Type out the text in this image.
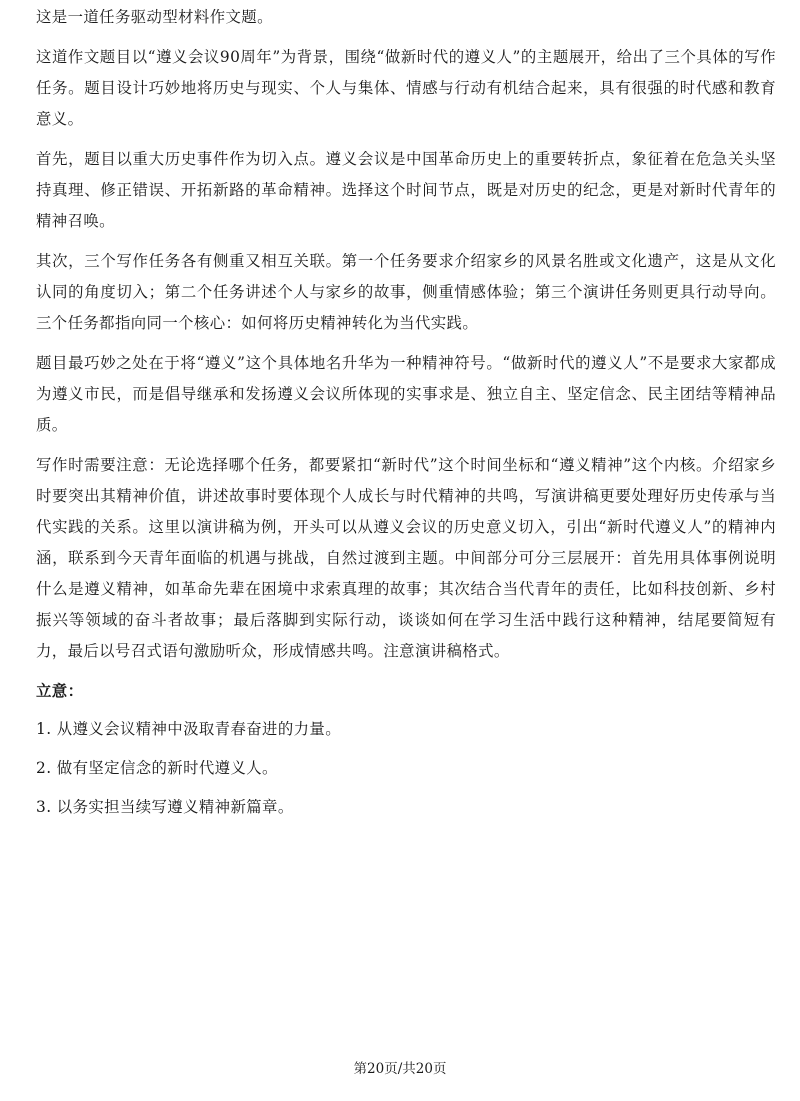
这是一道任务驱动型材料作文题。

这道作文题目以“遵义会议90周年”为背景，围绕“做新时代的遵义人”的主题展开，给出了三个具体的写作任务。题目设计巧妙地将历史与现实、个人与集体、情感与行动有机结合起来，具有很强的时代感和教育意义。

首先，题目以重大历史事件作为切入点。遵义会议是中国革命历史上的重要转折点，象征着在危急关头坚持真理、修正错误、开拓新路的革命精神。选择这个时间节点，既是对历史的纪念，更是对新时代青年的精神召唤。

其次，三个写作任务各有侧重又相互关联。第一个任务要求介绍家乡的风景名胜或文化遗产，这是从文化认同的角度切入；第二个任务讲述个人与家乡的故事，侧重情感体验；第三个演讲任务则更具行动导向。三个任务都指向同一个核心：如何将历史精神转化为当代实践。

题目最巧妙之处在于将“遵义”这个具体地名升华为一种精神符号。“做新时代的遵义人”不是要求大家都成为遵义市民，而是倡导继承和发扬遵义会议所体现的实事求是、独立自主、坚定信念、民主团结等精神品质。

写作时需要注意：无论选择哪个任务，都要紧扣“新时代”这个时间坐标和“遵义精神”这个内核。介绍家乡时要突出其精神价值，讲述故事时要体现个人成长与时代精神的共鸣，写演讲稿更要处理好历史传承与当代实践的关系。这里以演讲稿为例，开头可以从遵义会议的历史意义切入，引出“新时代遵义人”的精神内涵，联系到今天青年面临的机遇与挑战，自然过渡到主题。中间部分可分三层展开：首先用具体事例说明什么是遵义精神，如革命先辈在困境中求索真理的故事；其次结合当代青年的责任，比如科技创新、乡村振兴等领域的奋斗者故事；最后落脚到实际行动，谈谈如何在学习生活中践行这种精神，结尾要简短有力，最后以号召式语句激励听众，形成情感共鸣。注意演讲稿格式。

立意：

1. 从遵义会议精神中汲取青春奋进的力量。

2. 做有坚定信念的新时代遵义人。

3. 以务实担当续写遵义精神新篇章。

第20页/共20页
